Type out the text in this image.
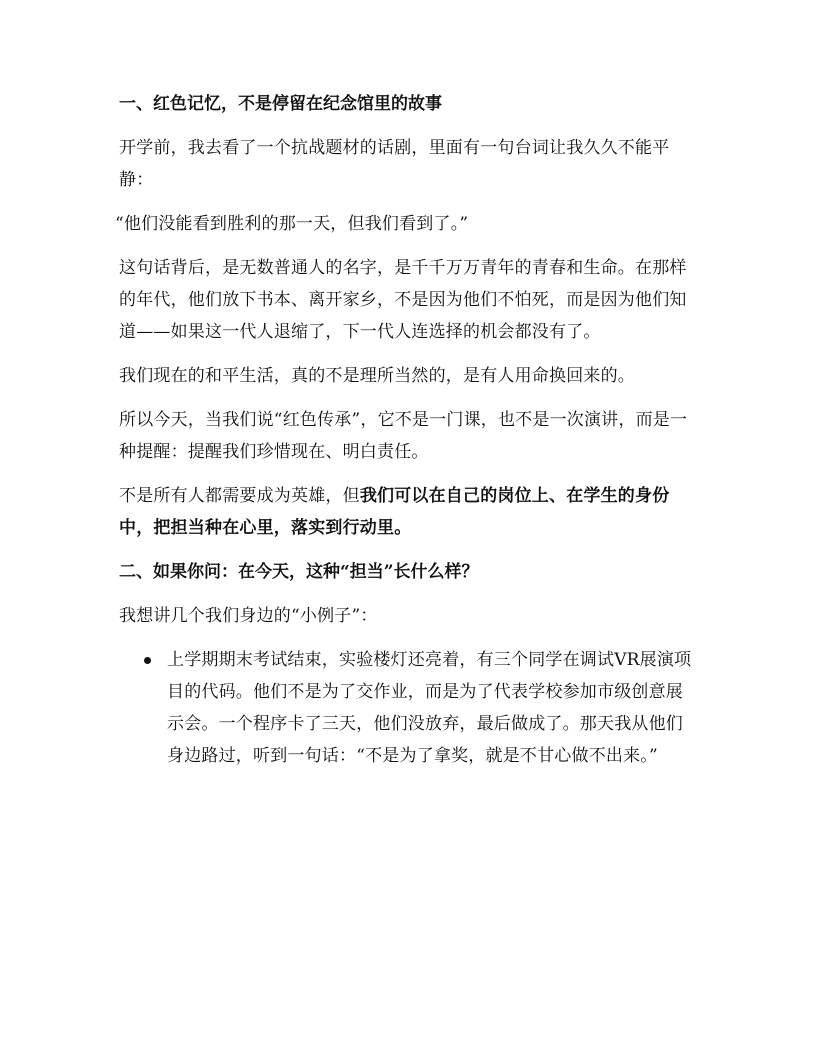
一、红色记忆，不是停留在纪念馆里的故事
开学前，我去看了一个抗战题材的话剧，里面有一句台词让我久久不能平静：
“他们没能看到胜利的那一天，但我们看到了。”
这句话背后，是无数普通人的名字，是千千万万青年的青春和生命。在那样的年代，他们放下书本、离开家乡，不是因为他们不怕死，而是因为他们知道——如果这一代人退缩了，下一代人连选择的机会都没有了。
我们现在的和平生活，真的不是理所当然的，是有人用命换回来的。
所以今天，当我们说“红色传承”，它不是一门课，也不是一次演讲，而是一种提醒：提醒我们珍惜现在、明白责任。
不是所有人都需要成为英雄，但我们可以在自己的岗位上、在学生的身份中，把担当种在心里，落实到行动里。
二、如果你问：在今天，这种“担当”长什么样？
我想讲几个我们身边的“小例子”：
上学期期末考试结束，实验楼灯还亮着，有三个同学在调试VR展演项目的代码。他们不是为了交作业，而是为了代表学校参加市级创意展示会。一个程序卡了三天，他们没放弃，最后做成了。那天我从他们身边路过，听到一句话：“不是为了拿奖，就是不甘心做不出来。”
